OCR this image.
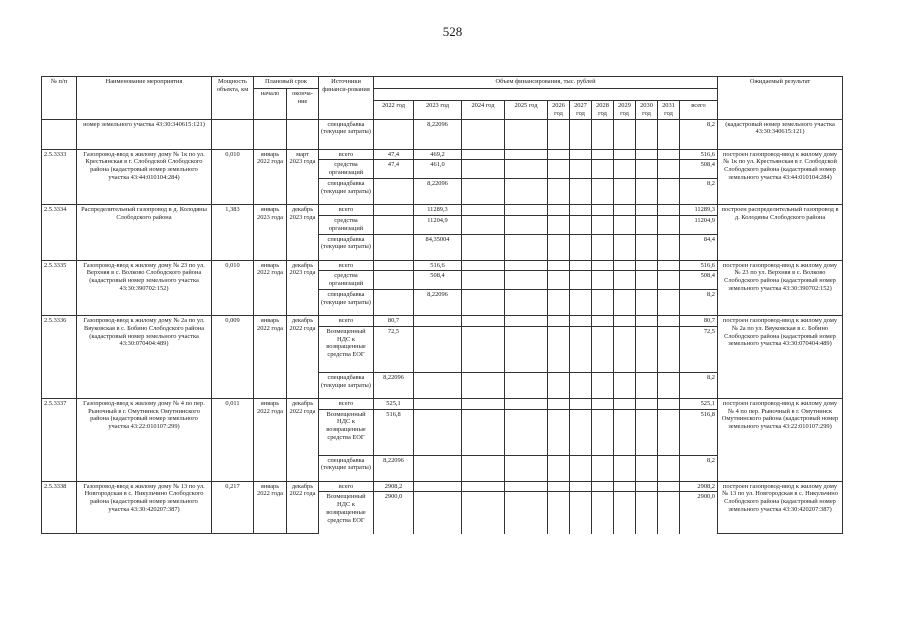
528
№ п/п	Наименование мероприятия	Мощность объекта, км	Плановый срок		Источники финанси-рования	Объем финансирования, тыс. рублей											Ожидаемый результат
			начало	оконча-ние													
						2022 год	2023 год	2024 год	2025 год	2026 год	2027 год	2028 год	2029 год	2030 год	2031 год	всего	
	номер земельного участка 43:30:340615:121)				спецнадбавка (текущие затраты)		8,22096									8,2	(кадастровый номер земельного участка 43:30:340615:121)
2.5.3333	Газопровод-ввод к жилому дому № 1к по ул. Крестьянская в г. Слободской Слободского района (кадастровый номер земельного участка 43:44:010104:284)	0,010	январь 2022 года	март 2023 года	всего	47,4	469,2									516,6	построен газопровод-ввод к жилому дому № 1к по ул. Крестьянская в г. Слободской Слободского района (кадастровый номер земельного участка 43:44:010104:284)
					средства организаций	47,4	461,0									508,4	
					спецнадбавка (текущие затраты)		8,22096									8,2	
2.5.3334	Распределительный газопровод в д. Колодяны Слободского района	1,383	январь 2023 года	декабрь 2023 года	всего		11289,3									11289,3	построен распределительный газопровод в д. Колодяны Слободского района
					средства организаций		11204,9									11204,9	
					спецнадбавка (текущие затраты)		84,35004									84,4	
2.5.3335	Газопровод-ввод к жилому дому № 23 по ул. Верхняя в с. Волково Слободского района (кадастровый номер земельного участка 43:30:390702:152)	0,010	январь 2022 года	декабрь 2023 года	всего		516,6									516,6	построен газопровод-ввод к жилому дому № 23 по ул. Верхняя в с. Волково Слободского района (кадастровый номер земельного участка 43:30:390702:152)
					средства организаций		508,4									508,4	
					спецнадбавка (текущие затраты)		8,22096									8,2	
2.5.3336	Газопровод-ввод к жилому дому № 2а по ул. Вяуковская в с. Бобино Слободского района (кадастровый номер земельного участка 43:30:070404:489)	0,009	январь 2022 года	декабрь 2022 года	всего	80,7										80,7	построен газопровод-ввод к жилому дому № 2а по ул. Вяуковская в с. Бобино Слободского района (кадастровый номер земельного участка 43:30:070404:489)
					Возмещенный НДС к возвращенные средства ЕОГ	72,5										72,5	
					спецнадбавка (текущие затраты)	8,22096										8,2	
2.5.3337	Газопровод-ввод к жилому дому № 4 по пер. Рыночный в г. Омутнинск Омутнинского района (кадастровый номер земельного участка 43:22:010107:299)	0,011	январь 2022 года	декабрь 2022 года	всего	525,1										525,1	построен газопровод-ввод к жилому дому № 4 по пер. Рыночный в г. Омутнинск Омутнинского района (кадастровый номер земельного участка 43:22:010107:299)
					Возмещенный НДС к возвращенные средства ЕОГ	516,8										516,8	
					спецнадбавка (текущие затраты)	8,22096										8,2	
2.5.3338	Газопровод-ввод к жилому дому № 13 по ул. Новгородская в с. Никульчино Слободского района (кадастровый номер земельного участка 43:30:420207:387)	0,217	январь 2022 года	декабрь 2022 года	всего	2908,2										2908,2	построен газопровод-ввод к жилому дому № 13 по ул. Новгородская в с. Никульчино Слободского района (кадастровый номер земельного участка 43:30:420207:387)
					Возмещенный НДС к возвращенные средства ЕОГ	2900,0										2900,0	
